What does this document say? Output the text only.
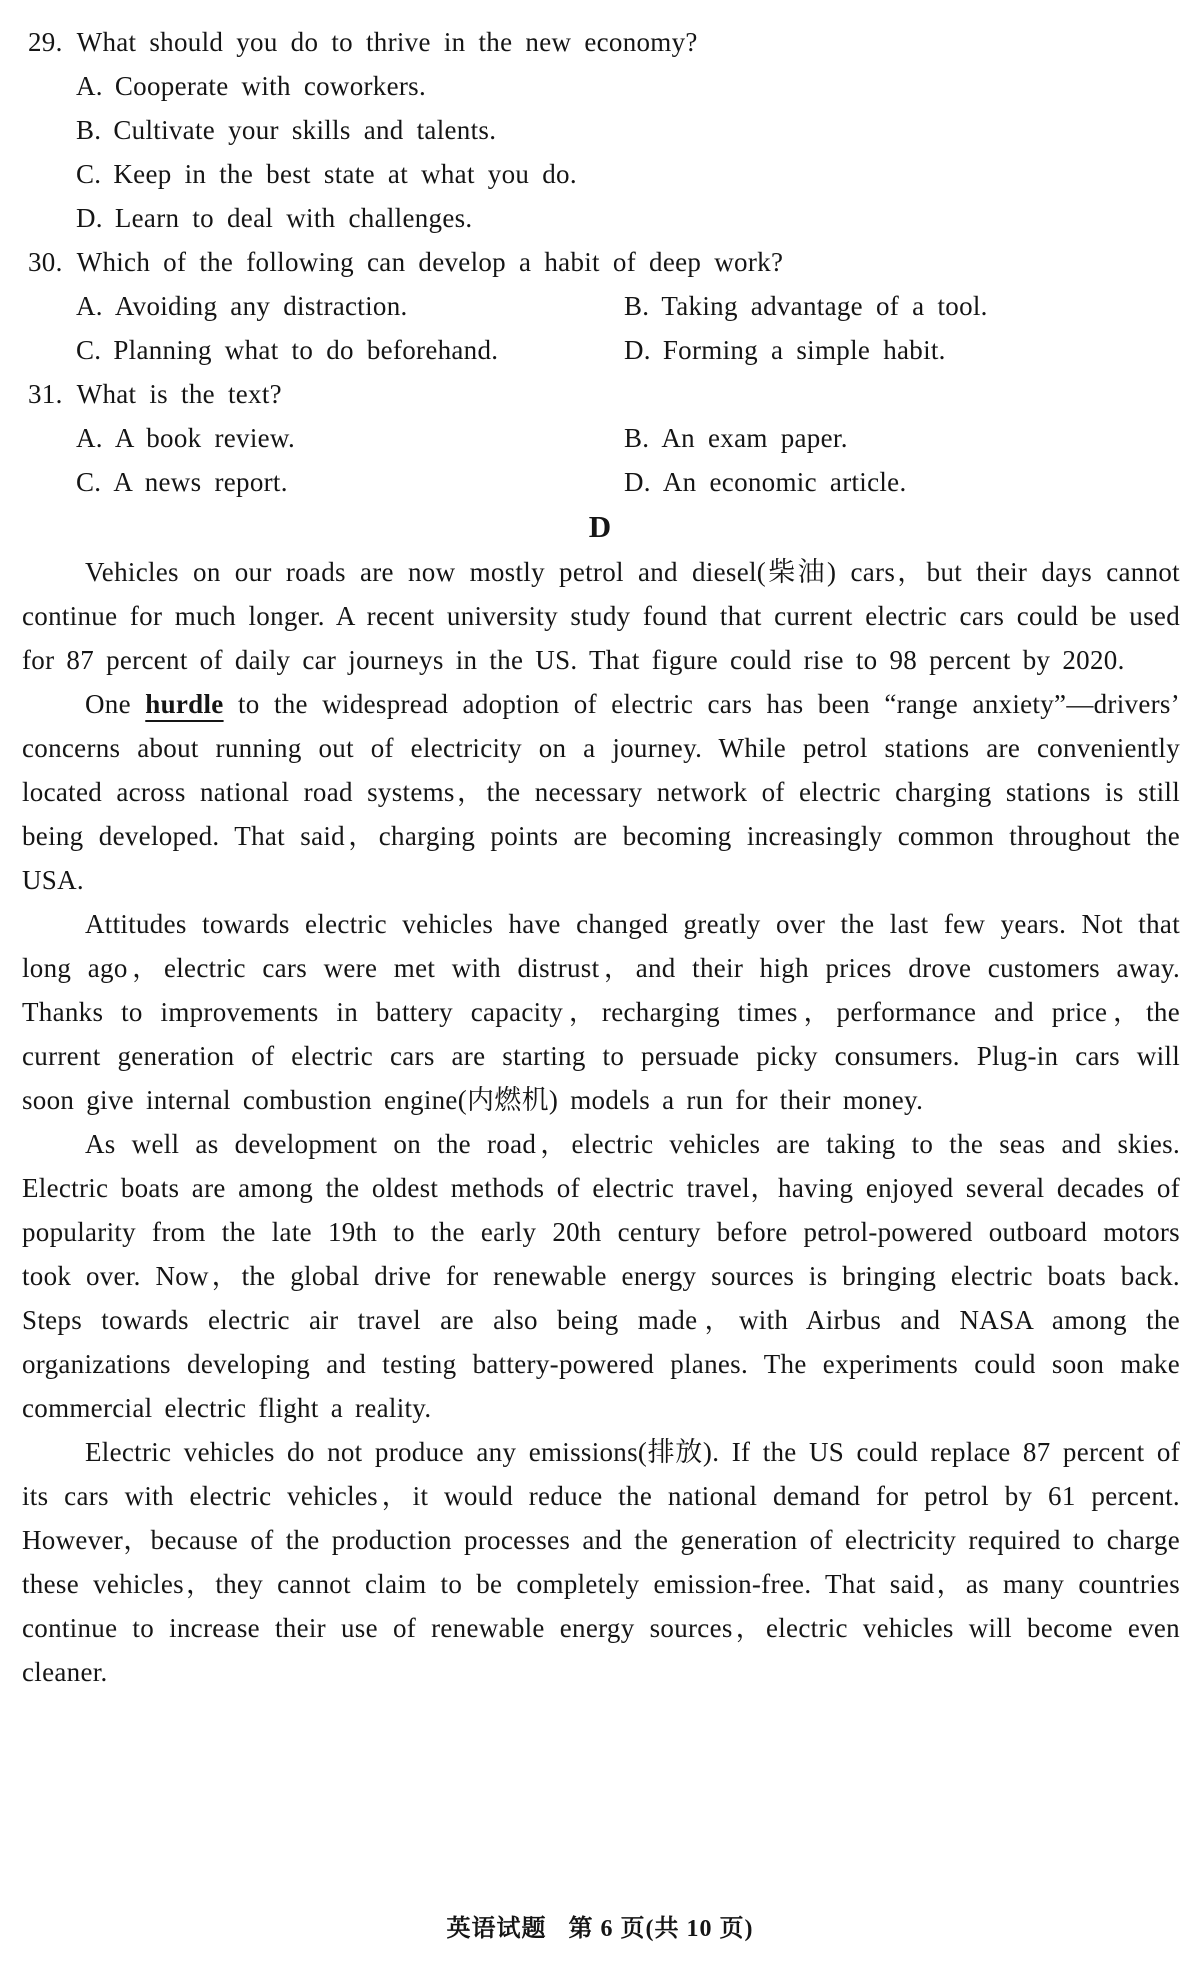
29. What should you do to thrive in the new economy?
A. Cooperate with coworkers.
B. Cultivate your skills and talents.
C. Keep in the best state at what you do.
D. Learn to deal with challenges.
30. Which of the following can develop a habit of deep work?
A. Avoiding any distraction.	B. Taking advantage of a tool.
C. Planning what to do beforehand.	D. Forming a simple habit.
31. What is the text?
A. A book review.	B. An exam paper.
C. A news report.	D. An economic article.
D

Vehicles on our roads are now mostly petrol and diesel(柴油) cars，but their days cannot continue for much longer. A recent university study found that current electric cars could be used for 87 percent of daily car journeys in the US. That figure could rise to 98 percent by 2020.

One hurdle to the widespread adoption of electric cars has been “range anxiety”—drivers’ concerns about running out of electricity on a journey. While petrol stations are conveniently located across national road systems，the necessary network of electric charging stations is still being developed. That said，charging points are becoming increasingly common throughout the USA.

Attitudes towards electric vehicles have changed greatly over the last few years. Not that long ago，electric cars were met with distrust，and their high prices drove customers away. Thanks to improvements in battery capacity，recharging times，performance and price，the current generation of electric cars are starting to persuade picky consumers. Plug-in cars will soon give internal combustion engine(内燃机) models a run for their money.

As well as development on the road，electric vehicles are taking to the seas and skies. Electric boats are among the oldest methods of electric travel，having enjoyed several decades of popularity from the late 19th to the early 20th century before petrol-powered outboard motors took over. Now，the global drive for renewable energy sources is bringing electric boats back. Steps towards electric air travel are also being made，with Airbus and NASA among the organizations developing and testing battery-powered planes. The experiments could soon make commercial electric flight a reality.

Electric vehicles do not produce any emissions(排放). If the US could replace 87 percent of its cars with electric vehicles，it would reduce the national demand for petrol by 61 percent. However，because of the production processes and the generation of electricity required to charge these vehicles，they cannot claim to be completely emission-free. That said，as many countries continue to increase their use of renewable energy sources，electric vehicles will become even cleaner.

英语试题 第 6 页(共 10 页)
